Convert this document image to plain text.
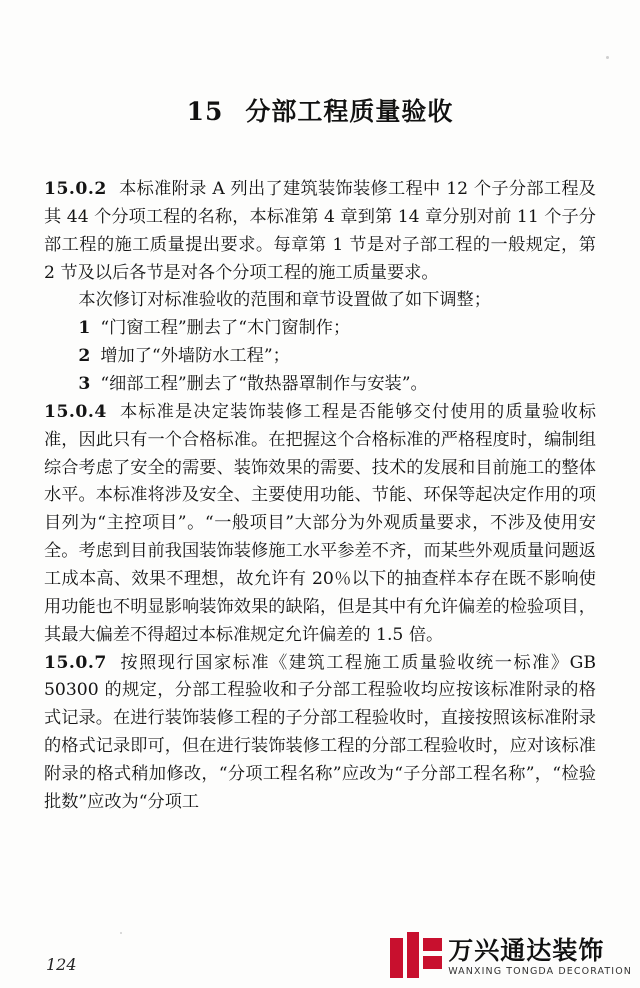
15 分部工程质量验收

15.0.2 本标准附录 A 列出了建筑装饰装修工程中 12 个子分部工程及其 44 个分项工程的名称，本标准第 4 章到第 14 章分别对前 11 个子分部工程的施工质量提出要求。每章第 1 节是对子部工程的一般规定，第 2 节及以后各节是对各个分项工程的施工质量要求。

本次修订对标准验收的范围和章节设置做了如下调整；

1 “门窗工程”删去了“木门窗制作；

2 增加了“外墙防水工程”；

3 “细部工程”删去了“散热器罩制作与安装”。

15.0.4 本标准是决定装饰装修工程是否能够交付使用的质量验收标准，因此只有一个合格标准。在把握这个合格标准的严格程度时，编制组综合考虑了安全的需要、装饰效果的需要、技术的发展和目前施工的整体水平。本标准将涉及安全、主要使用功能、节能、环保等起决定作用的项目列为“主控项目”。“一般项目”大部分为外观质量要求，不涉及使用安全。考虑到目前我国装饰装修施工水平参差不齐，而某些外观质量问题返工成本高、效果不理想，故允许有 20％以下的抽查样本存在既不影响使用功能也不明显影响装饰效果的缺陷，但是其中有允许偏差的检验项目，其最大偏差不得超过本标准规定允许偏差的 1.5 倍。

15.0.7 按照现行国家标准《建筑工程施工质量验收统一标准》GB 50300 的规定，分部工程验收和子分部工程验收均应按该标准附录的格式记录。在进行装饰装修工程的子分部工程验收时，直接按照该标准附录的格式记录即可，但在进行装饰装修工程的分部工程验收时，应对该标准附录的格式稍加修改，“分项工程名称”应改为“子分部工程名称”，“检验批数”应改为“分项工

124	万兴通达装饰
WANXING TONGDA DECORATION
